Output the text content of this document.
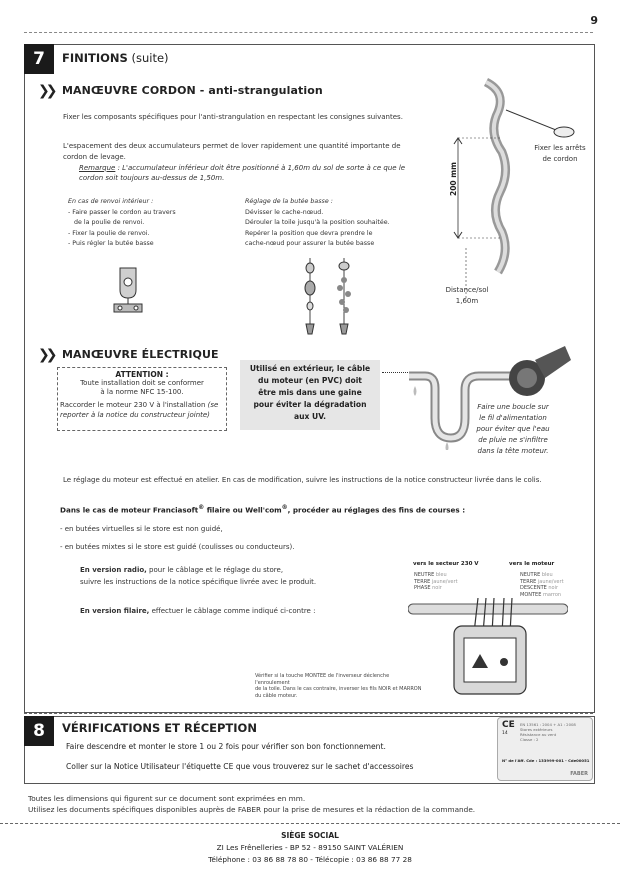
9
7	FINITIONS (suite)
❯❯ MANŒUVRE CORDON - anti-strangulation
Fixer les composants spécifiques pour l'anti-strangulation en respectant les consignes suivantes.
L'espacement des deux accumulateurs permet de lover rapidement une quantité importante de
cordon de levage.
Remarque : L'accumulateur inférieur doit être positionné à 1,60m du sol de sorte à ce que le
cordon soit toujours au-dessus de 1,50m.
En cas de renvoi intérieur :
- Faire passer le cordon au travers
de la poulie de renvoi.
- Fixer la poulie de renvoi.
- Puis régler la butée basse
Réglage de la butée basse :
Dévisser le cache-nœud.
Dérouler la toile jusqu'à la position souhaitée.
Repérer la position que devra prendre le
cache-nœud pour assurer la butée basse
200 mm
Fixer les arrêts
de cordon
Distance/sol
1,60m
❯❯ MANŒUVRE ÉLECTRIQUE
ATTENTION :
Toute installation doit se conformer
à la norme NFC 15-100.
Raccorder le moteur 230 V à l'installation (se
reporter à la notice du constructeur jointe)
Utilisé en extérieur, le câble
du moteur (en PVC) doit
être mis dans une gaine
pour éviter la dégradation
aux UV.
Faire une boucle sur
le fil d'alimentation
pour éviter que l'eau
de pluie ne s'infiltre
dans la tête moteur.
Le réglage du moteur est effectué en atelier. En cas de modification, suivre les instructions de la notice constructeur livrée dans le colis.
Dans le cas de moteur Franciasoft® filaire ou Well'com®, procéder au réglages des fins de courses :
- en butées virtuelles si le store est non guidé,
- en butées mixtes si le store est guidé (coulisses ou conducteurs).
En version radio, pour le câblage et le réglage du store,
suivre les instructions de la notice spécifique livrée avec le produit.
En version filaire, effectuer le câblage comme indiqué ci-contre :
vers le secteur 230 V	vers le moteur
NEUTRE bleu
TERRE jaune/vert
PHASE noir
NEUTRE bleu
TERRE jaune/vert
DESCENTE noir
MONTEE marron
Vérifier si la touche MONTEE de l'inverseur déclenche l'enroulement
de la toile. Dans le cas contraire, inverser les fils NOIR et MARRON
du câble moteur.
8	VÉRIFICATIONS ET RÉCEPTION
Faire descendre et monter le store 1 ou 2 fois pour vérifier son bon fonctionnement.
Coller sur la Notice Utilisateur l'étiquette CE que vous trouverez sur le sachet d'accessoires
CE
14
EN 13561 : 2004 + A1 : 2008
Stores extérieurs
Résistance au vent
Classe : 2
N° de l'Aff. Cde : 133999-001 - Cde00051
FABER
Toutes les dimensions qui figurent sur ce document sont exprimées en mm.
Utilisez les documents spécifiques disponibles auprès de FABER pour la prise de mesures et la rédaction de la commande.
SIÈGE SOCIAL
ZI Les Frênelleries - BP 52 - 89150 SAINT VALÉRIEN
Téléphone : 03 86 88 78 80 - Télécopie : 03 86 88 77 28
